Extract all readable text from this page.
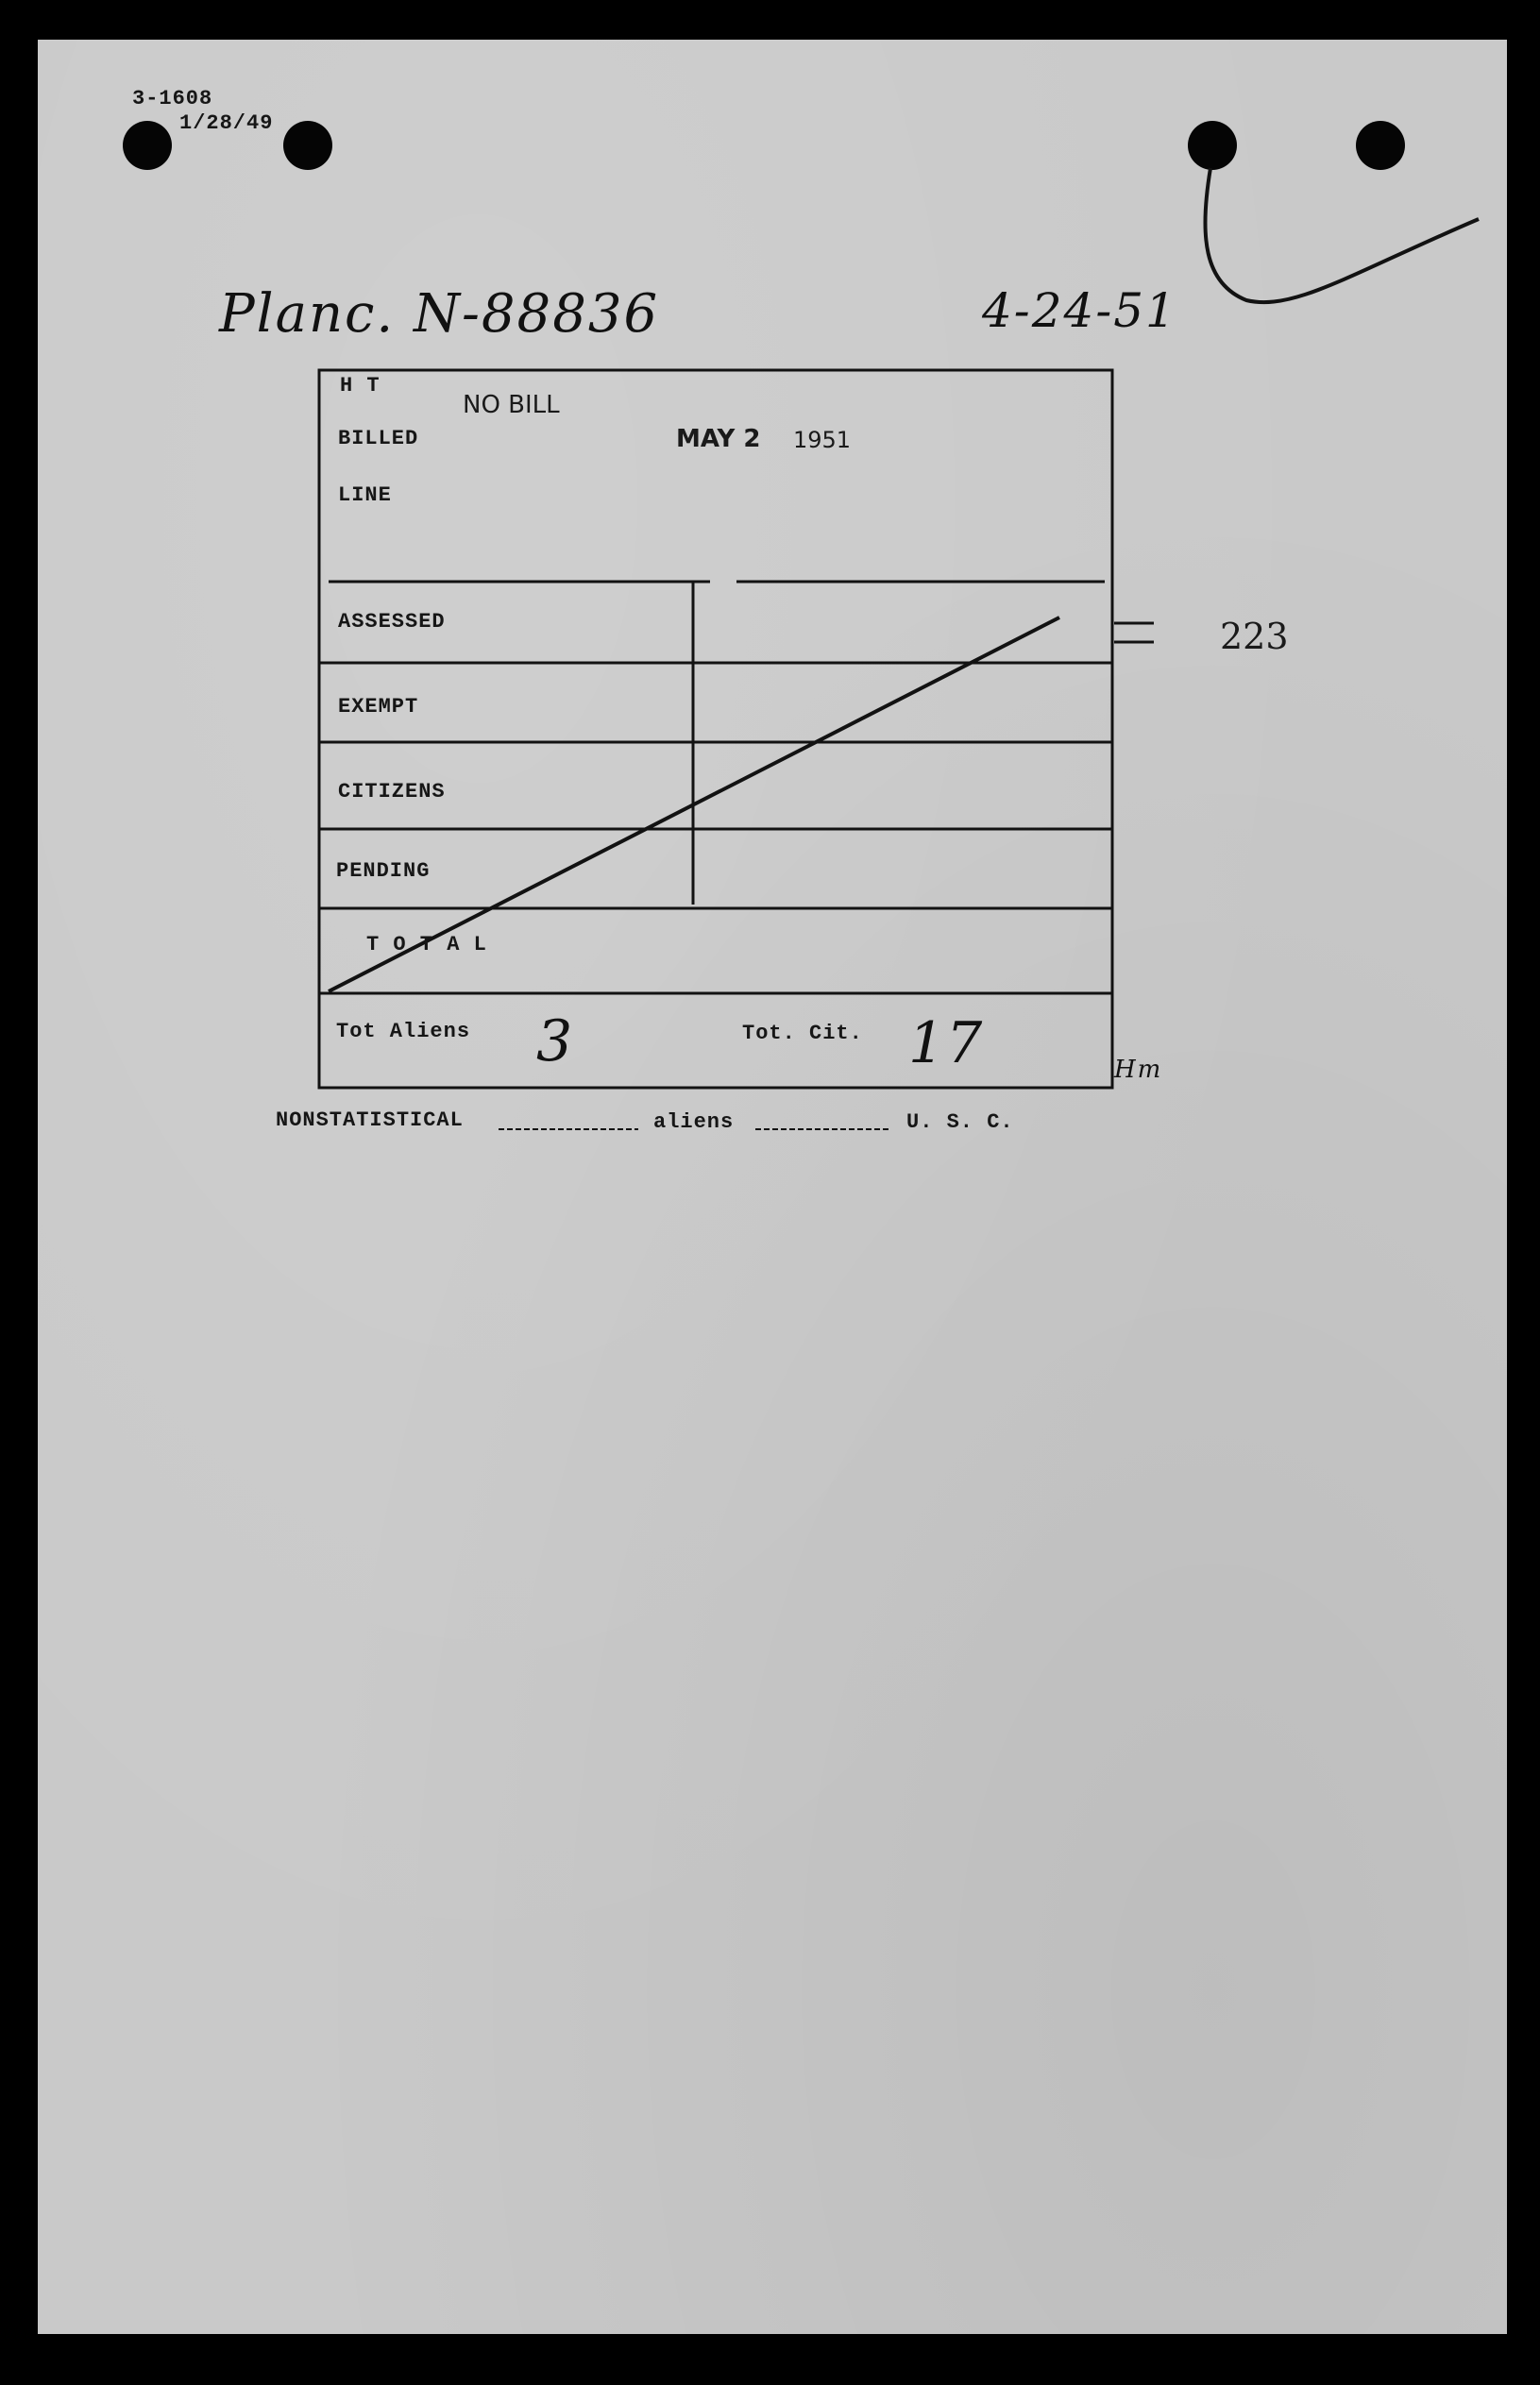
3-1608
1/28/49
Planc. N-88836	4-24-51
H T
NO BILL
BILLED	MAY 2 1951
LINE
ASSESSED
EXEMPT
CITIZENS
PENDING
T O T A L
Tot Aliens 3	Tot. Cit. 17	Hm
223
NONSTATISTICAL	aliens	U. S. C.
